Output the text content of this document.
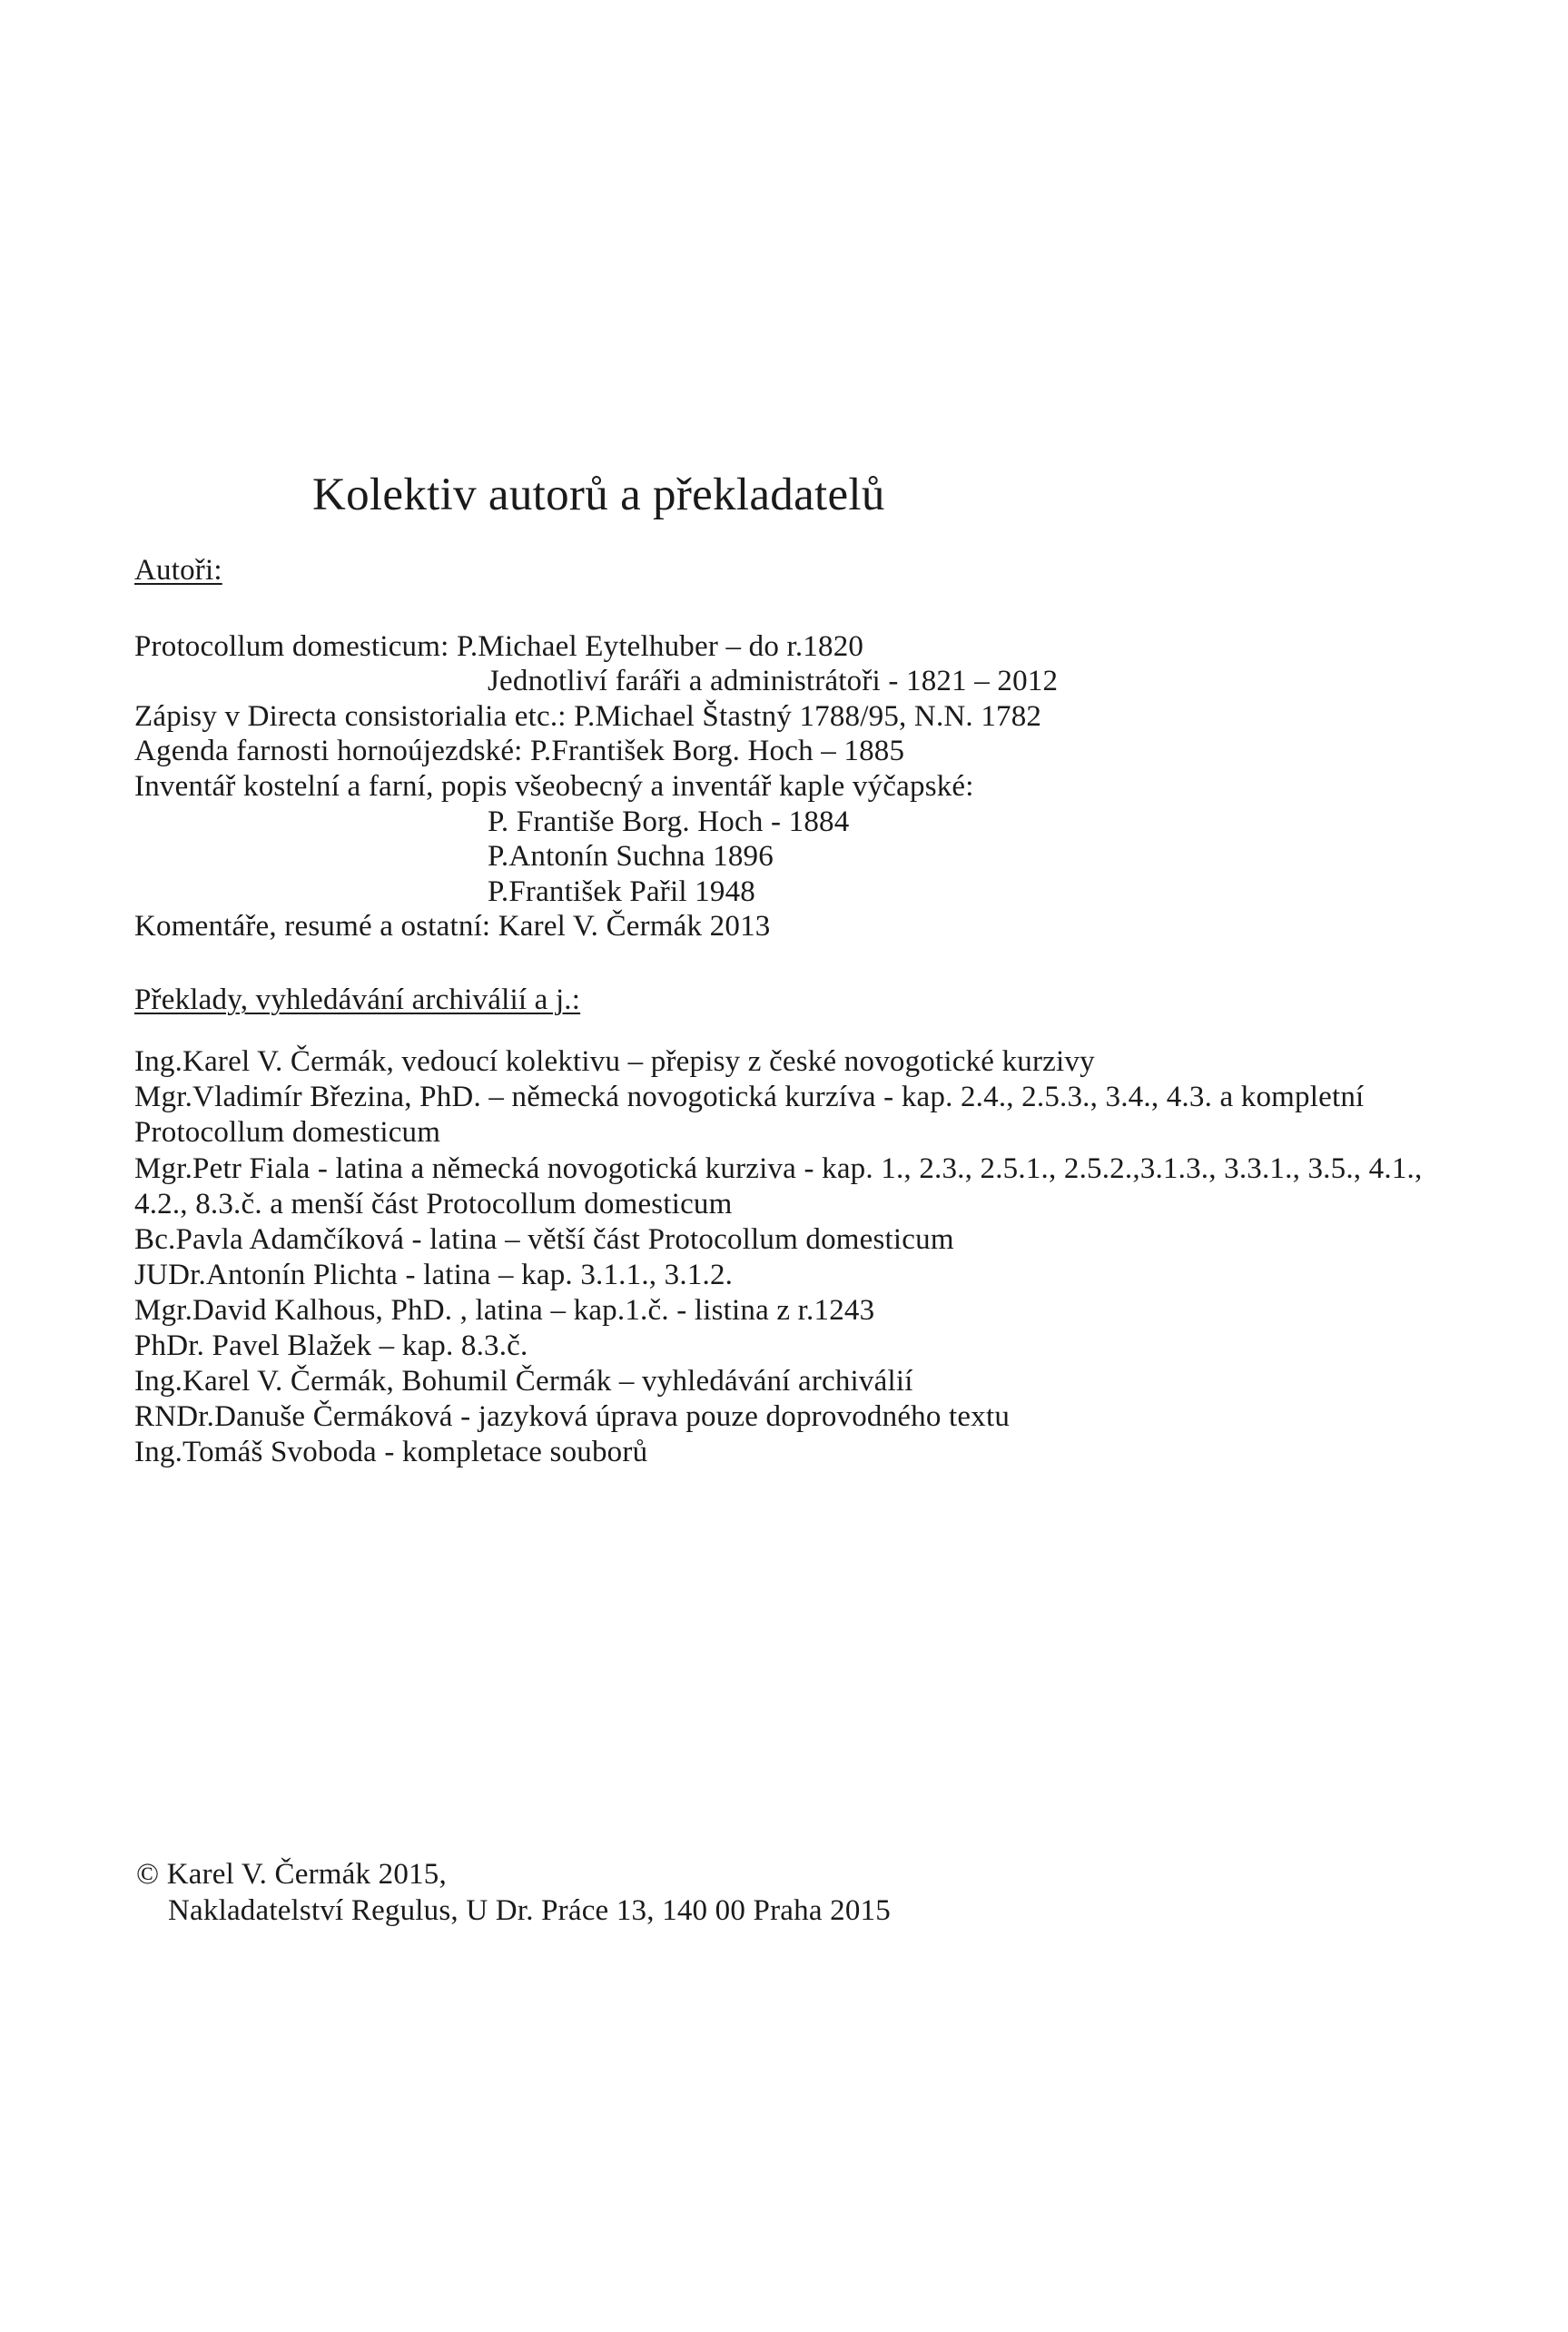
Kolektiv autorů a překladatelů
Autoři:
Protocollum domesticum: P.Michael Eytelhuber – do r.1820
Jednotliví faráři a administrátoři - 1821 – 2012
Zápisy v Directa consistorialia etc.: P.Michael Štastný 1788/95, N.N. 1782
Agenda farnosti hornoújezdské: P.František Borg. Hoch – 1885
Inventář kostelní a farní, popis všeobecný a inventář kaple výčapské:
P. Františe Borg. Hoch - 1884
P.Antonín Suchna 1896
P.František Pařil 1948
Komentáře, resumé a ostatní: Karel V. Čermák 2013
Překlady, vyhledávání archiválií a j.:
Ing.Karel V. Čermák, vedoucí kolektivu – přepisy z české novogotické kurzivy
Mgr.Vladimír Březina, PhD. – německá novogotická kurzíva - kap. 2.4., 2.5.3., 3.4., 4.3. a kompletní
Protocollum domesticum
Mgr.Petr Fiala - latina a německá novogotická kurziva - kap. 1., 2.3., 2.5.1., 2.5.2.,3.1.3., 3.3.1., 3.5., 4.1.,
4.2., 8.3.č. a menší část Protocollum domesticum
Bc.Pavla Adamčíková - latina – větší část Protocollum domesticum
JUDr.Antonín Plichta - latina – kap. 3.1.1., 3.1.2.
Mgr.David Kalhous, PhD. , latina – kap.1.č. - listina z r.1243
PhDr. Pavel Blažek – kap. 8.3.č.
Ing.Karel V. Čermák, Bohumil Čermák – vyhledávání archiválií
RNDr.Danuše Čermáková - jazyková úprava pouze doprovodného textu
Ing.Tomáš Svoboda - kompletace souborů
© Karel V. Čermák 2015,
Nakladatelství Regulus, U Dr. Práce 13, 140 00 Praha 2015
